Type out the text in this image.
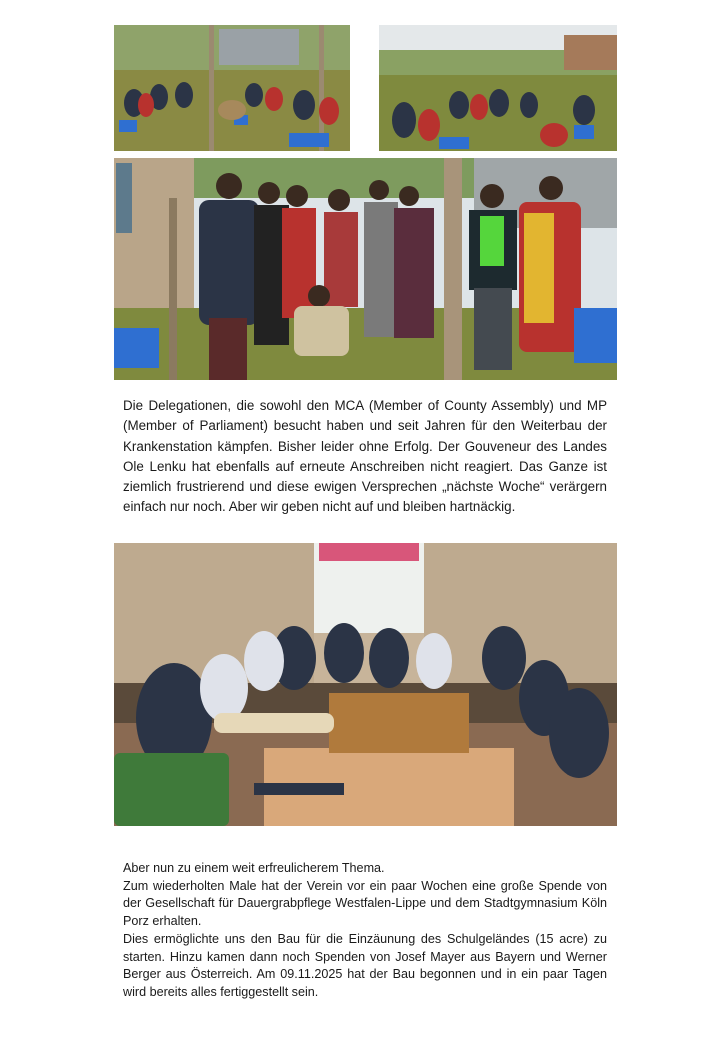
Die Delegationen, die sowohl den MCA (Member of County Assembly) und MP (Member of Parliament) besucht haben und seit Jahren für den Weiterbau der Krankenstation kämpfen. Bisher leider ohne Erfolg. Der Gouveneur des Landes Ole Lenku hat ebenfalls auf erneute Anschreiben nicht reagiert. Das Ganze ist ziemlich frustrierend und diese ewigen Versprechen „nächste Woche“ verärgern einfach nur noch. Aber wir geben nicht auf und bleiben hartnäckig.

Aber nun zu einem weit erfreulicherem Thema.

Zum wiederholten Male hat der Verein vor ein paar Wochen eine große Spende von der Gesellschaft für Dauergrabpflege Westfalen-Lippe und dem Stadtgymnasium Köln Porz erhalten.

Dies ermöglichte uns den Bau für die Einzäunung des Schulgeländes (15 acre) zu starten. Hinzu kamen dann noch Spenden von Josef Mayer aus Bayern und Werner Berger aus Österreich. Am 09.11.2025 hat der Bau begonnen und in ein paar Tagen wird bereits alles fertiggestellt sein.
